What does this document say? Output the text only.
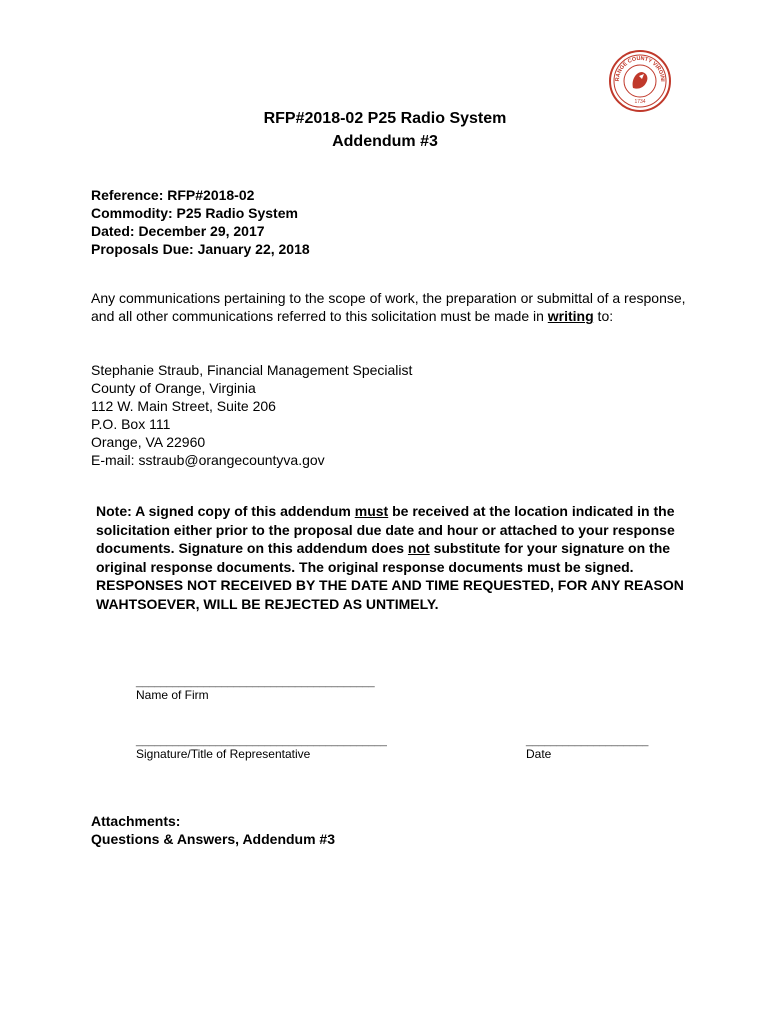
RANGE COUNTY VIRGINI
1734
RFP#2018-02 P25 Radio System
Addendum #3
Reference: RFP#2018-02
Commodity: P25 Radio System
Dated: December 29, 2017
Proposals Due: January 22, 2018
Any communications pertaining to the scope of work, the preparation or submittal of a response, and all other communications referred to this solicitation must be made in writing to:
Stephanie Straub, Financial Management Specialist
County of Orange, Virginia
112 W. Main Street, Suite 206
P.O. Box 111
Orange, VA 22960
E-mail: sstraub@orangecountyva.gov
Note: A signed copy of this addendum must be received at the location indicated in the solicitation either prior to the proposal due date and hour or attached to your response documents. Signature on this addendum does not substitute for your signature on the original response documents. The original response documents must be signed. RESPONSES NOT RECEIVED BY THE DATE AND TIME REQUESTED, FOR ANY REASON WAHTSOEVER, WILL BE REJECTED AS UNTIMELY.
_______________________________________
Name of Firm
_________________________________________
Signature/Title of Representative
____________________
Date
Attachments:
Questions & Answers, Addendum #3
